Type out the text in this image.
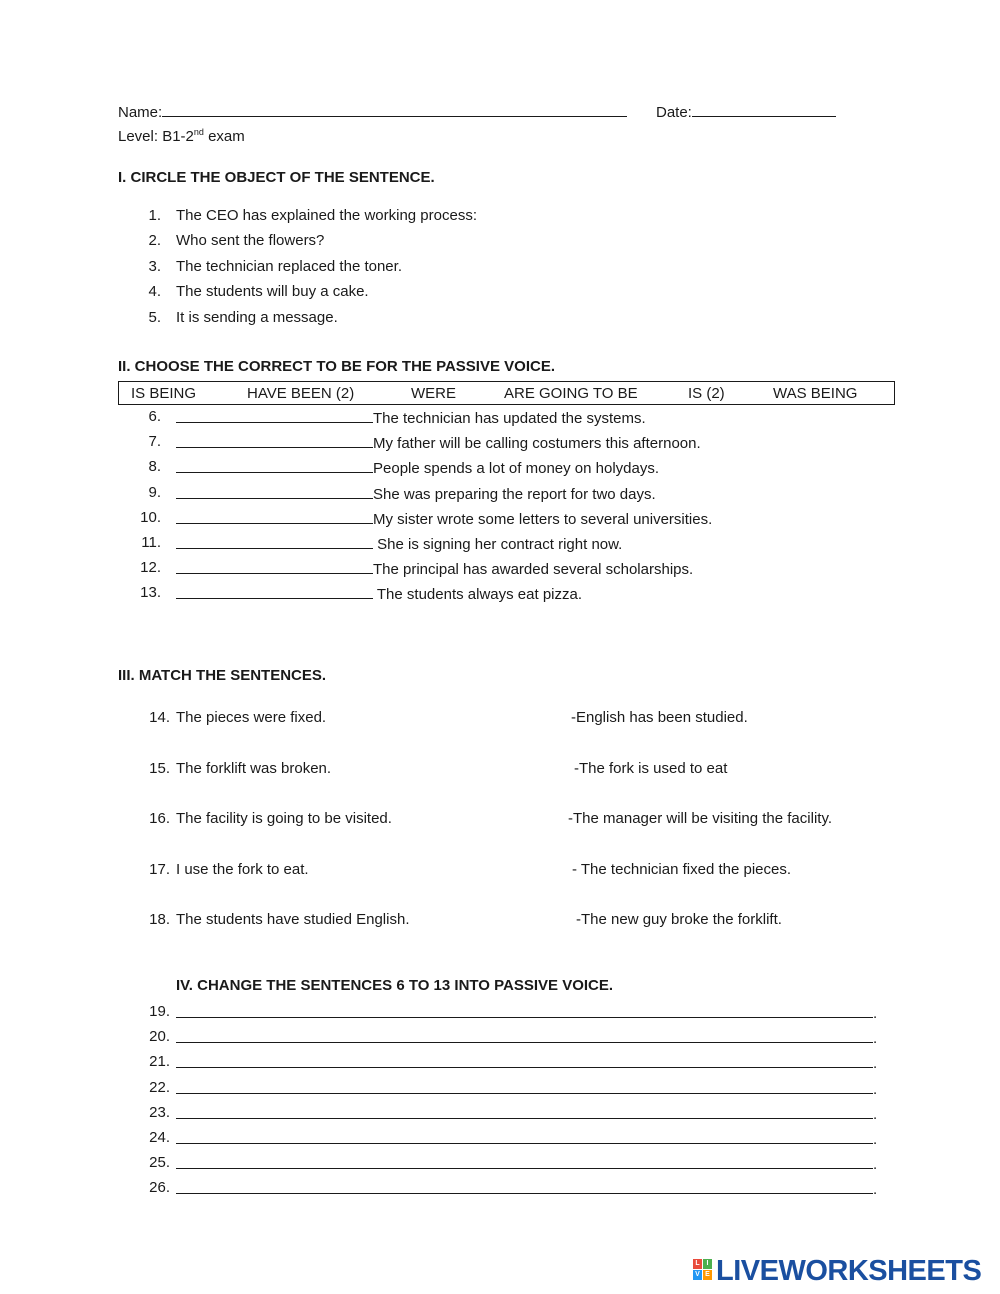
Name:	Date:
Level: B1-2nd exam
I. CIRCLE THE OBJECT OF THE SENTENCE.
1. The CEO has explained the working process:
2. Who sent the flowers?
3. The technician replaced the toner.
4. The students will buy a cake.
5. It is sending a message.
II. CHOOSE THE CORRECT TO BE FOR THE PASSIVE VOICE.
IS BEING	HAVE BEEN (2)	WERE	ARE GOING TO BE	IS (2)	WAS BEING
6.	The technician has updated the systems.
7.	My father will be calling costumers this afternoon.
8.	People spends a lot of money on holydays.
9.	She was preparing the report for two days.
10.	My sister wrote some letters to several universities.
11.	She is signing her contract right now.
12.	The principal has awarded several scholarships.
13.	The students always eat pizza.
III. MATCH THE SENTENCES.
14. The pieces were fixed.	-English has been studied.
15. The forklift was broken.	-The fork is used to eat
16. The facility is going to be visited.	-The manager will be visiting the facility.
17. I use the fork to eat.	- The technician fixed the pieces.
18. The students have studied English.	-The new guy broke the forklift.
IV. CHANGE THE SENTENCES 6 TO 13 INTO PASSIVE VOICE.
19.	.
20.	.
21.	.
22.	.
23.	.
24.	.
25.	.
26.	.
L I
V E LIVEWORKSHEETS
